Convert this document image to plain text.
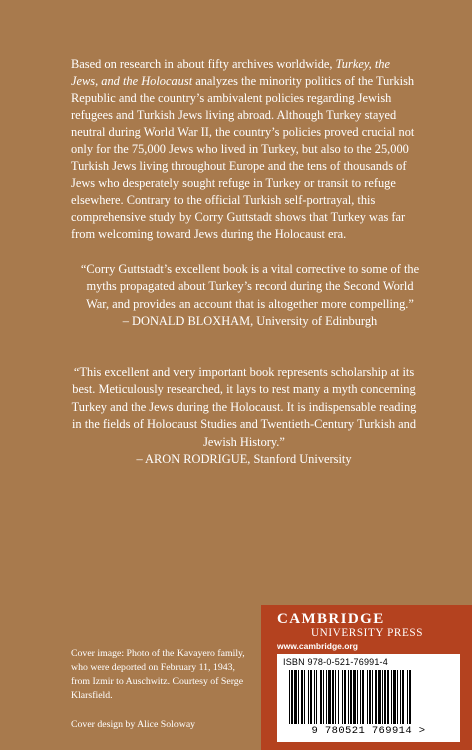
Based on research in about fifty archives worldwide, Turkey, the Jews, and the Holocaust analyzes the minority politics of the Turkish Republic and the country’s ambivalent policies regarding Jewish refugees and Turkish Jews living abroad. Although Turkey stayed neutral during World War II, the country’s policies proved crucial not only for the 75,000 Jews who lived in Turkey, but also to the 25,000 Turkish Jews living throughout Europe and the tens of thousands of Jews who desperately sought refuge in Turkey or transit to refuge elsewhere. Contrary to the official Turkish self-portrayal, this comprehensive study by Corry Guttstadt shows that Turkey was far from welcoming toward Jews during the Holocaust era.

“Corry Guttstadt’s excellent book is a vital corrective to some of the myths propagated about Turkey’s record during the Second World War, and provides an account that is altogether more compelling.”
– DONALD BLOXHAM, University of Edinburgh

“This excellent and very important book represents scholarship at its best. Meticulously researched, it lays to rest many a myth concerning Turkey and the Jews during the Holocaust. It is indispensable reading in the fields of Holocaust Studies and Twentieth-Century Turkish and Jewish History.”
– ARON RODRIGUE, Stanford University

Cover image: Photo of the Kavayero family, who were deported on February 11, 1943, from Izmir to Auschwitz. Courtesy of Serge Klarsfield.

Cover design by Alice Soloway

CAMBRIDGE
UNIVERSITY PRESS
www.cambridge.org
ISBN 978-0-521-76991-4
9 780521 769914 >
